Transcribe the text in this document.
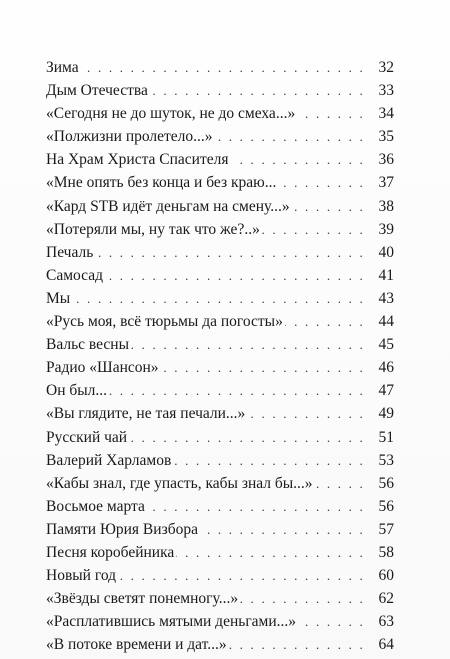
Зима . . .	32
Дым Отечества . . .	33
«Сегодня не до шуток, не до смеха...» . . .	34
«Полжизни пролетело...» . . .	35
На Храм Христа Спасителя . . .	36
«Мне опять без конца и без краю... . . .	37
«Кард STB идёт деньгам на смену...» . . .	38
«Потеряли мы, ну так что же?..» . . .	39
Печаль . . .	40
Самосад . . .	41
Мы . . .	43
«Русь моя, всё тюрьмы да погосты» . . .	44
Вальс весны . . .	45
Радио «Шансон» . . .	46
Он был... . . .	47
«Вы глядите, не тая печали...» . . .	49
Русский чай . . .	51
Валерий Харламов . . .	53
«Кабы знал, где упасть, кабы знал бы...» . . .	56
Восьмое марта . . .	56
Памяти Юрия Визбора . . .	57
Песня коробейника . . .	58
Новый год . . .	60
«Звёзды светят понемногу...» . . .	62
«Расплатившись мятыми деньгами...» . . .	63
«В потоке времени и дат...» . . .	64
